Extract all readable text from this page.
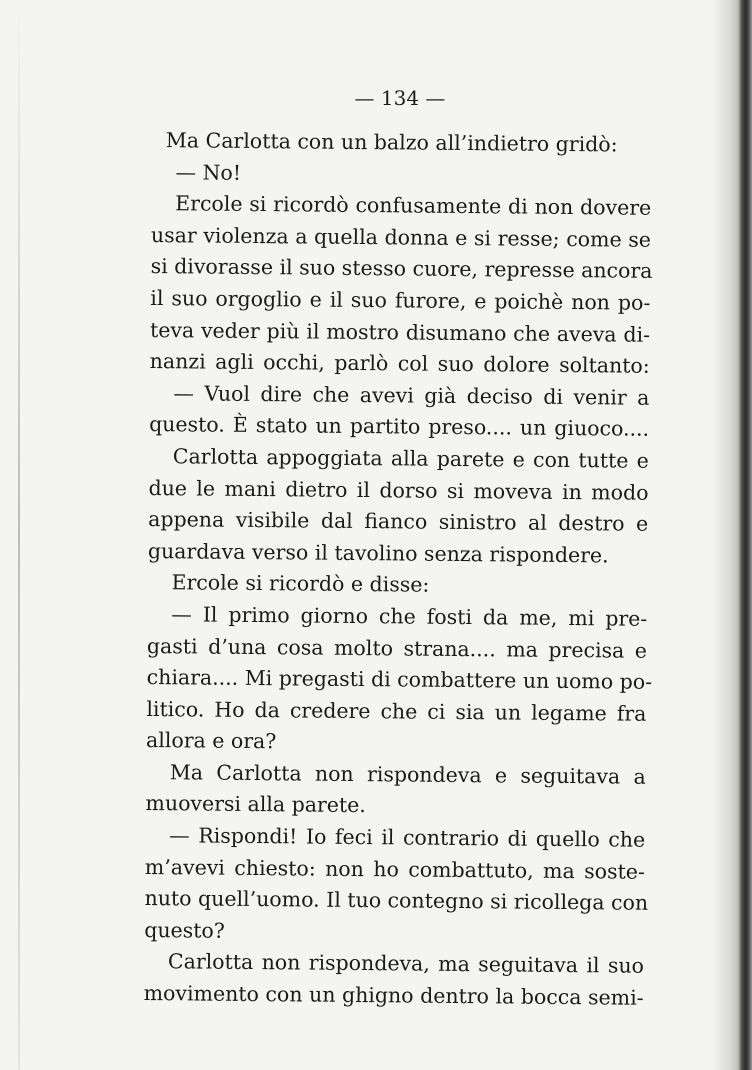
— 134 —
Ma Carlotta con un balzo all’indietro gridò:
— No!
Ercole si ricordò confusamente di non dovere
usar violenza a quella donna e si resse; come se
si divorasse il suo stesso cuore, represse ancora
il suo orgoglio e il suo furore, e poichè non po-
teva veder più il mostro disumano che aveva di-
nanzi agli occhi, parlò col suo dolore soltanto:
— Vuol dire che avevi già deciso di venir a
questo. È stato un partito preso.... un giuoco....
Carlotta appoggiata alla parete e con tutte e
due le mani dietro il dorso si moveva in modo
appena visibile dal fianco sinistro al destro e
guardava verso il tavolino senza rispondere.
Ercole si ricordò e disse:
— Il primo giorno che fosti da me, mi pre-
gasti d’una cosa molto strana.... ma precisa e
chiara.... Mi pregasti di combattere un uomo po-
litico. Ho da credere che ci sia un legame fra
allora e ora?
Ma Carlotta non rispondeva e seguitava a
muoversi alla parete.
— Rispondi! Io feci il contrario di quello che
m’avevi chiesto: non ho combattuto, ma soste-
nuto quell’uomo. Il tuo contegno si ricollega con
questo?
Carlotta non rispondeva, ma seguitava il suo
movimento con un ghigno dentro la bocca semi-
